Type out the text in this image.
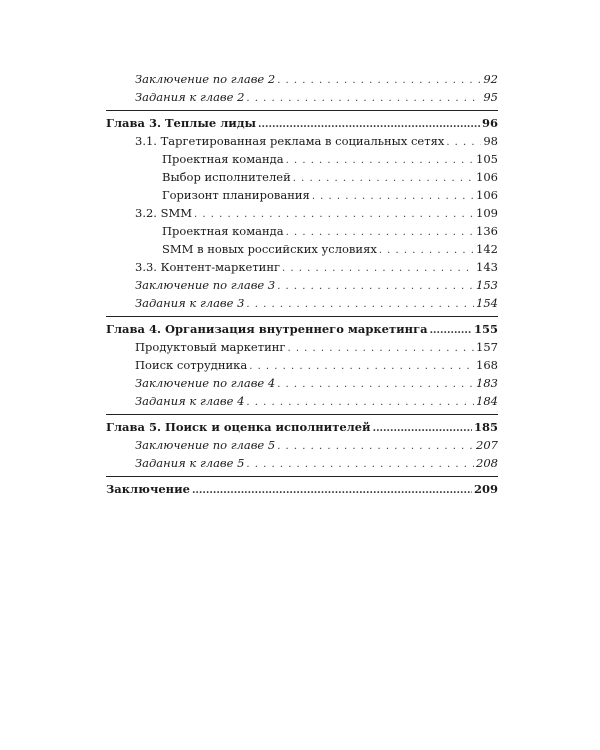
Заключение по главе 2 . . .	92
Задания к главе 2 . . .	95
Глава 3. Теплые лиды .....	96
3.1. Таргетированная реклама в социальных сетях . . .	98
Проектная команда . . .	105
Выбор исполнителей . . .	106
Горизонт планирования . . .	106
3.2. SMM . . .	109
Проектная команда . . .	136
SMM в новых российских условиях . . .	142
3.3. Контент-маркетинг . . .	143
Заключение по главе 3 . . .	153
Задания к главе 3 . . .	154
Глава 4. Организация внутреннего маркетинга .....	155
Продуктовый маркетинг . . .	157
Поиск сотрудника . . .	168
Заключение по главе 4 . . .	183
Задания к главе 4 . . .	184
Глава 5. Поиск и оценка исполнителей .....	185
Заключение по главе 5 . . .	207
Задания к главе 5 . . .	208
Заключение .....	209
